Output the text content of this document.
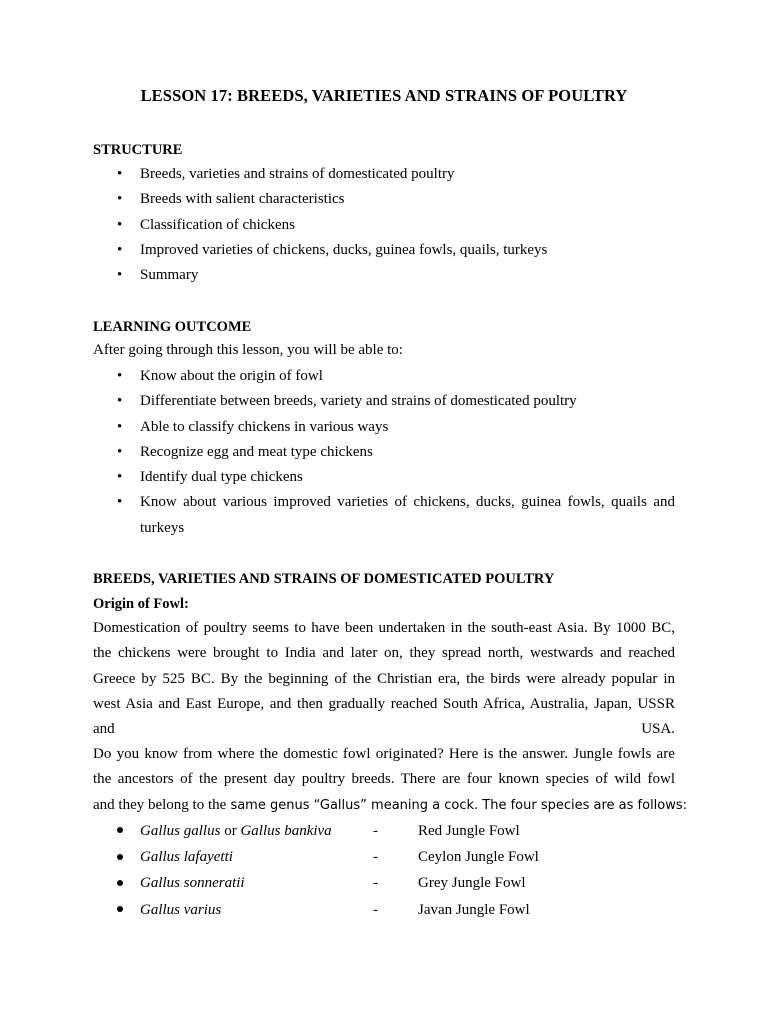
LESSON 17: BREEDS, VARIETIES AND STRAINS OF POULTRY
STRUCTURE
• Breeds, varieties and strains of domesticated poultry
• Breeds with salient characteristics
• Classification of chickens
• Improved varieties of chickens, ducks, guinea fowls, quails, turkeys
• Summary
LEARNING OUTCOME
After going through this lesson, you will be able to:
• Know about the origin of fowl
• Differentiate between breeds, variety and strains of domesticated poultry
• Able to classify chickens in various ways
• Recognize egg and meat type chickens
• Identify dual type chickens
• Know about various improved varieties of chickens, ducks, guinea fowls, quails and turkeys
BREEDS, VARIETIES AND STRAINS OF DOMESTICATED POULTRY
Origin of Fowl:
Domestication of poultry seems to have been undertaken in the south-east Asia. By 1000 BC,
the chickens were brought to India and later on, they spread north, westwards and reached
Greece by 525 BC. By the beginning of the Christian era, the birds were already popular in
west Asia and East Europe, and then gradually reached South Africa, Australia, Japan, USSR
and USA.
Do you know from where the domestic fowl originated? Here is the answer. Jungle fowls are
the ancestors of the present day poultry breeds. There are four known species of wild fowl
and they belong to the same genus “Gallus” meaning a cock. The four species are as follows:
	Gallus gallus or Gallus bankiva	-	Red Jungle Fowl
	Gallus lafayetti	-	Ceylon Jungle Fowl
	Gallus sonneratii	-	Grey Jungle Fowl
	Gallus varius	-	Javan Jungle Fowl
